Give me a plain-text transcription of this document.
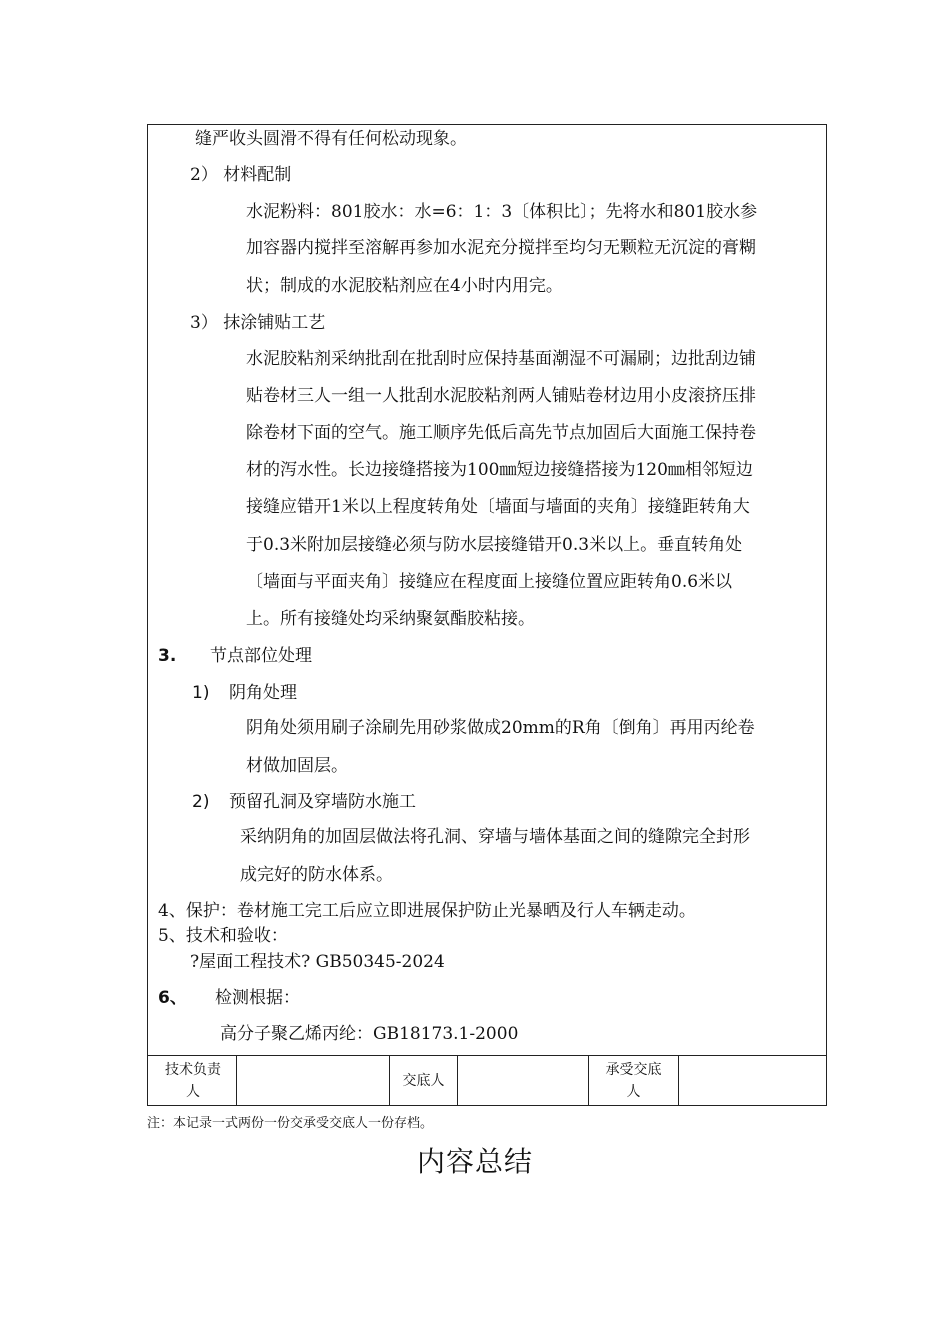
缝严收头圆滑不得有任何松动现象。
2） 材料配制
水泥粉料：801胶水：水=6：1：3〔体积比〕；先将水和801胶水参
加容器内搅拌至溶解再参加水泥充分搅拌至均匀无颗粒无沉淀的膏糊
状；制成的水泥胶粘剂应在4小时内用完。
3） 抹涂铺贴工艺
水泥胶粘剂采纳批刮在批刮时应保持基面潮湿不可漏刷；边批刮边铺
贴卷材三人一组一人批刮水泥胶粘剂两人铺贴卷材边用小皮滚挤压排
除卷材下面的空气。施工顺序先低后高先节点加固后大面施工保持卷
材的泻水性。长边接缝搭接为100㎜短边接缝搭接为120㎜相邻短边
接缝应错开1米以上程度转角处〔墙面与墙面的夹角〕接缝距转角大
于0.3米附加层接缝必须与防水层接缝错开0.3米以上。垂直转角处
〔墙面与平面夹角〕接缝应在程度面上接缝位置应距转角0.6米以
上。所有接缝处均采纳聚氨酯胶粘接。
3. 节点部位处理
1) 阴角处理
阴角处须用刷子涂刷先用砂浆做成20mm的R角〔倒角〕再用丙纶卷
材做加固层。
2) 预留孔洞及穿墙防水施工
采纳阴角的加固层做法将孔洞、穿墙与墙体基面之间的缝隙完全封形
成完好的防水体系。
4、保护：卷材施工完工后应立即进展保护防止光暴晒及行人车辆走动。
5、技术和验收：
?屋面工程技术? GB50345-2024
6、 检测根据：
高分子聚乙烯丙纶：GB18173.1-2000
技术负责
人
交底人
承受交底
人
注：本记录一式两份一份交承受交底人一份存档。
内容总结
